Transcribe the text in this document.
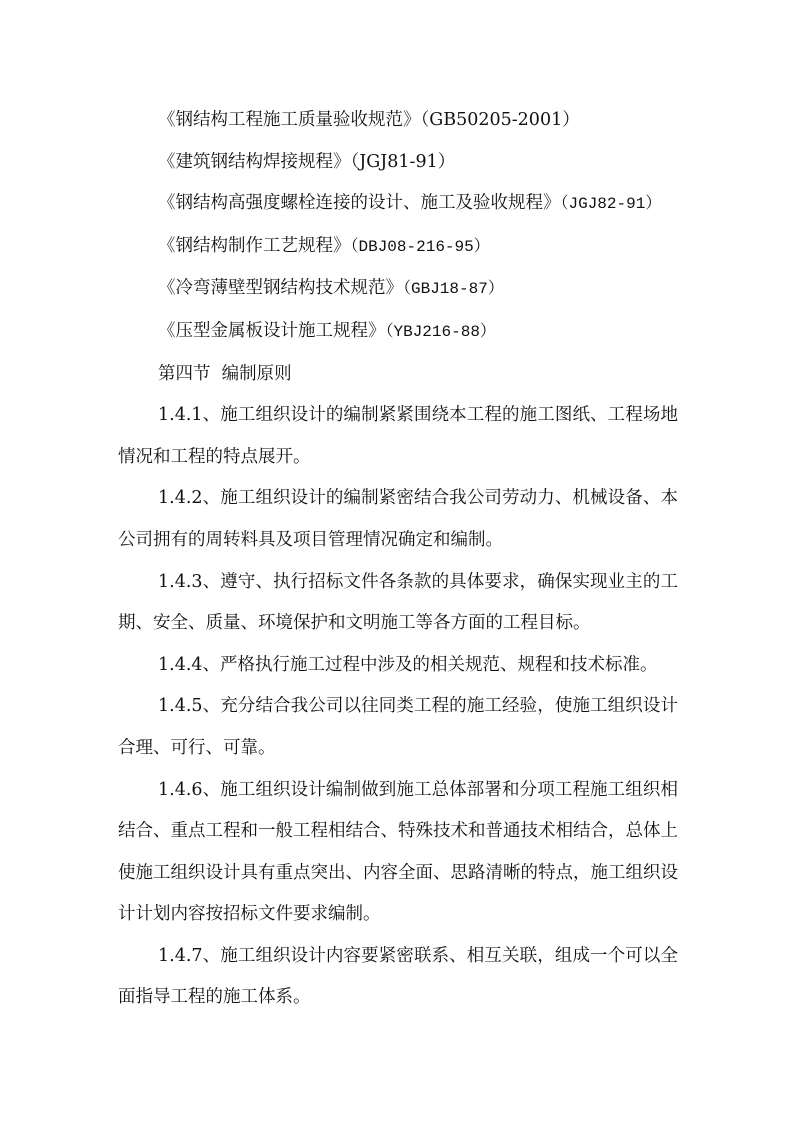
《钢结构工程施工质量验收规范》（GB50205-2001）
《建筑钢结构焊接规程》（JGJ81-91）
《钢结构高强度螺栓连接的设计、施工及验收规程》（JGJ82-91）
《钢结构制作工艺规程》（DBJ08-216-95）
《冷弯薄壁型钢结构技术规范》（GBJ18-87）
《压型金属板设计施工规程》（YBJ216-88）
第四节  编制原则

1.4.1、施工组织设计的编制紧紧围绕本工程的施工图纸、工程场地情况和工程的特点展开。

1.4.2、施工组织设计的编制紧密结合我公司劳动力、机械设备、本公司拥有的周转料具及项目管理情况确定和编制。

1.4.3、遵守、执行招标文件各条款的具体要求，确保实现业主的工期、安全、质量、环境保护和文明施工等各方面的工程目标。

1.4.4、严格执行施工过程中涉及的相关规范、规程和技术标准。

1.4.5、充分结合我公司以往同类工程的施工经验，使施工组织设计合理、可行、可靠。

1.4.6、施工组织设计编制做到施工总体部署和分项工程施工组织相结合、重点工程和一般工程相结合、特殊技术和普通技术相结合，总体上使施工组织设计具有重点突出、内容全面、思路清晰的特点，施工组织设计计划内容按招标文件要求编制。

1.4.7、施工组织设计内容要紧密联系、相互关联，组成一个可以全面指导工程的施工体系。
